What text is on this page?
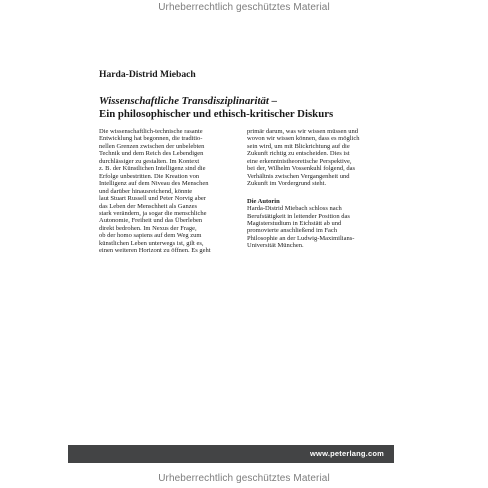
Urheberrechtlich geschütztes Material
Harda-Distrid Miebach
Wissenschaftliche Transdisziplinarität –
Ein philosophischer und ethisch-kritischer Diskurs

Die wissenschaftlich-technische rasante

Entwicklung hat begonnen, die traditio-

nellen Grenzen zwischen der unbelebten

Technik und dem Reich des Lebendigen

durchlässiger zu gestalten. Im Kontext

z. B. der Künstlichen Intelligenz sind die

Erfolge unbestritten. Die Kreation von

Intelligenz auf dem Niveau des Menschen

und darüber hinausreichend, könnte

laut Stuart Russell und Peter Norvig aber

das Leben der Menschheit als Ganzes

stark verändern, ja sogar die menschliche

Autonomie, Freiheit und das Überleben

direkt bedrohen. Im Nexus der Frage,

ob der homo sapiens auf dem Weg zum

künstlichen Leben unterwegs ist, gilt es,

einen weiteren Horizont zu öffnen. Es geht

primär darum, was wir wissen müssen und

wovon wir wissen können, dass es möglich

sein wird, um mit Blickrichtung auf die

Zukunft richtig zu entscheiden. Dies ist

eine erkenntnistheoretische Perspektive,

bei der, Wilhelm Vossenkuhl folgend, das

Verhältnis zwischen Vergangenheit und

Zukunft im Vordergrund steht.

Die Autorin

Harda-Distrid Miebach schloss nach

Berufstätigkeit in leitender Position das

Magisterstudium in Eichstätt ab und

promovierte anschließend im Fach

Philosophie an der Ludwig-Maximilians-

Universität München.

www.peterlang.com
Urheberrechtlich geschütztes Material
